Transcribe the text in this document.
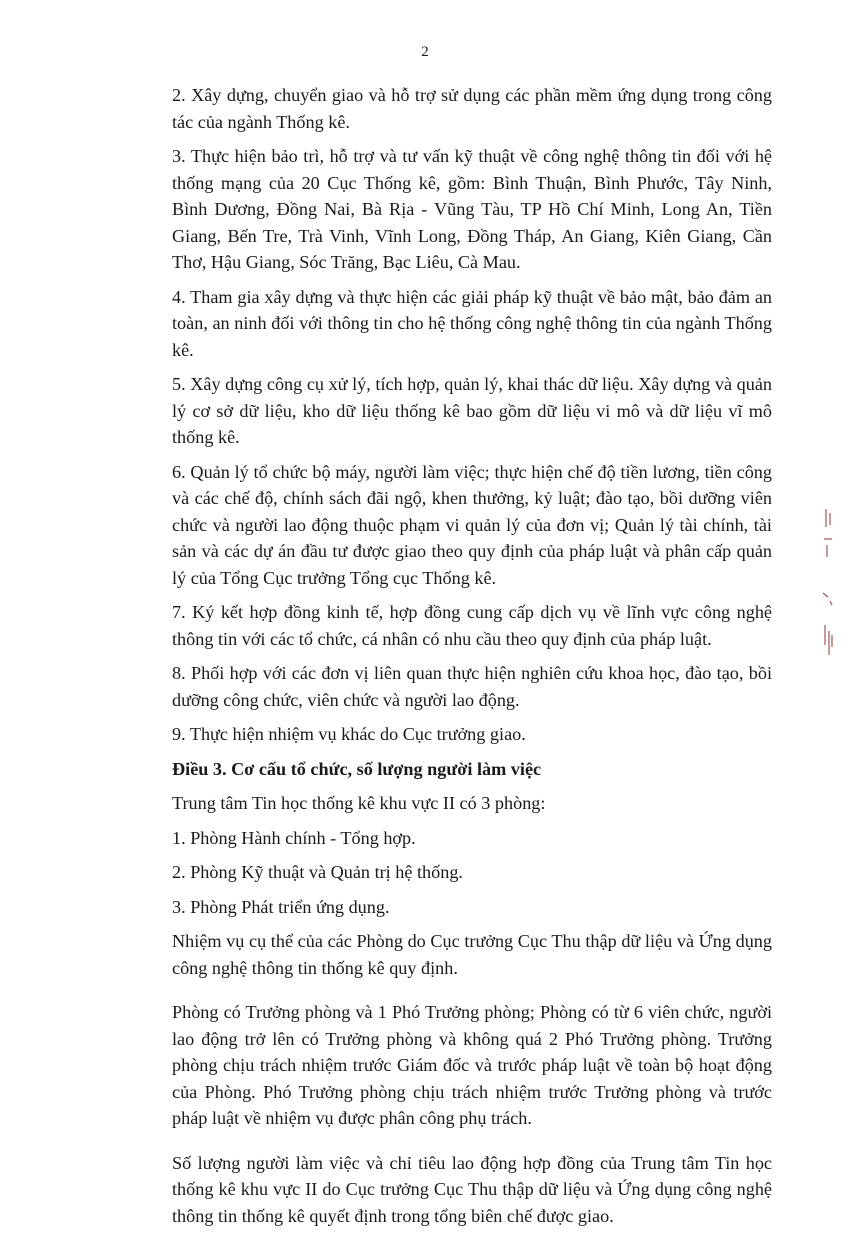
2

2. Xây dựng, chuyển giao và hỗ trợ sử dụng các phần mềm ứng dụng trong công tác của ngành Thống kê.

3. Thực hiện bảo trì, hỗ trợ và tư vấn kỹ thuật về công nghệ thông tin đối với hệ thống mạng của 20 Cục Thống kê, gồm: Bình Thuận, Bình Phước, Tây Ninh, Bình Dương, Đồng Nai, Bà Rịa - Vũng Tàu, TP Hồ Chí Minh, Long An, Tiền Giang, Bến Tre, Trà Vinh, Vĩnh Long, Đồng Tháp, An Giang, Kiên Giang, Cần Thơ, Hậu Giang, Sóc Trăng, Bạc Liêu, Cà Mau.

4. Tham gia xây dựng và thực hiện các giải pháp kỹ thuật về bảo mật, bảo đảm an toàn, an ninh đối với thông tin cho hệ thống công nghệ thông tin của ngành Thống kê.

5. Xây dựng công cụ xử lý, tích hợp, quản lý, khai thác dữ liệu. Xây dựng và quản lý cơ sở dữ liệu, kho dữ liệu thống kê bao gồm dữ liệu vi mô và dữ liệu vĩ mô thống kê.

6. Quản lý tổ chức bộ máy, người làm việc; thực hiện chế độ tiền lương, tiền công và các chế độ, chính sách đãi ngộ, khen thưởng, kỷ luật; đào tạo, bồi dưỡng viên chức và người lao động thuộc phạm vi quản lý của đơn vị; Quản lý tài chính, tài sản và các dự án đầu tư được giao theo quy định của pháp luật và phân cấp quản lý của Tổng Cục trưởng Tổng cục Thống kê.

7. Ký kết hợp đồng kinh tế, hợp đồng cung cấp dịch vụ về lĩnh vực công nghệ thông tin với các tổ chức, cá nhân có nhu cầu theo quy định của pháp luật.

8. Phối hợp với các đơn vị liên quan thực hiện nghiên cứu khoa học, đào tạo, bồi dưỡng công chức, viên chức và người lao động.

9. Thực hiện nhiệm vụ khác do Cục trưởng giao.

Điều 3. Cơ cấu tổ chức, số lượng người làm việc

Trung tâm Tin học thống kê khu vực II có 3 phòng:

1. Phòng Hành chính - Tổng hợp.

2. Phòng Kỹ thuật và Quản trị hệ thống.

3. Phòng Phát triển ứng dụng.

Nhiệm vụ cụ thể của các Phòng do Cục trưởng Cục Thu thập dữ liệu và Ứng dụng công nghệ thông tin thống kê quy định.

Phòng có Trưởng phòng và 1 Phó Trưởng phòng; Phòng có từ 6 viên chức, người lao động trở lên có Trưởng phòng và không quá 2 Phó Trưởng phòng. Trưởng phòng chịu trách nhiệm trước Giám đốc và trước pháp luật về toàn bộ hoạt động của Phòng. Phó Trưởng phòng chịu trách nhiệm trước Trưởng phòng và trước pháp luật về nhiệm vụ được phân công phụ trách.

Số lượng người làm việc và chỉ tiêu lao động hợp đồng của Trung tâm Tin học thống kê khu vực II do Cục trưởng Cục Thu thập dữ liệu và Ứng dụng công nghệ thông tin thống kê quyết định trong tổng biên chế được giao.
